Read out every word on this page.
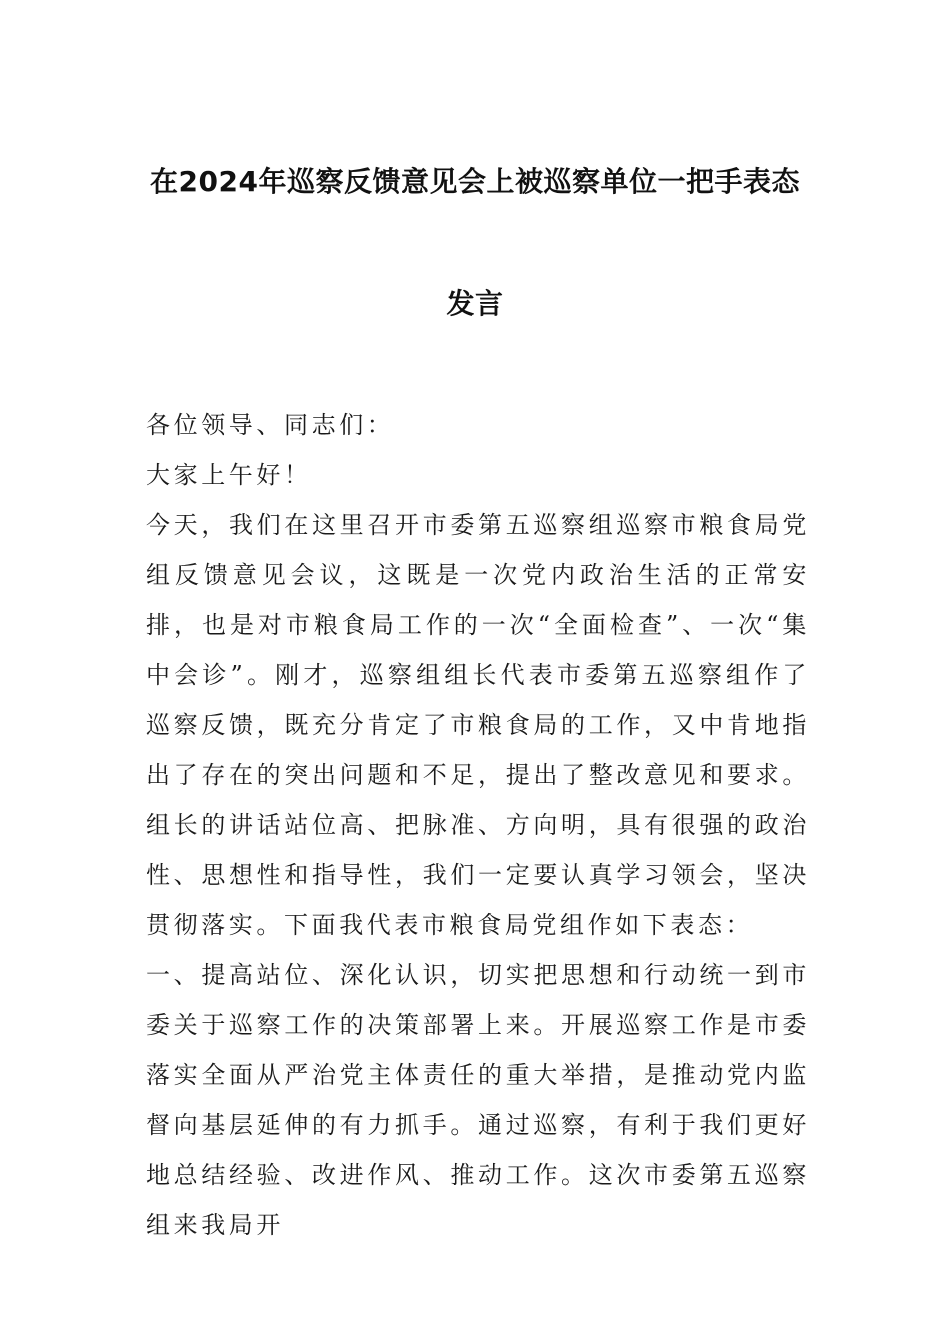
在2024年巡察反馈意见会上被巡察单位一把手表态
发言

各位领导、同志们：

大家上午好！

今天，我们在这里召开市委第五巡察组巡察市粮食局党组反馈意见会议，这既是一次党内政治生活的正常安排，也是对市粮食局工作的一次“全面检查”、一次“集中会诊”。刚才，巡察组组长代表市委第五巡察组作了巡察反馈，既充分肯定了市粮食局的工作，又中肯地指出了存在的突出问题和不足，提出了整改意见和要求。组长的讲话站位高、把脉准、方向明，具有很强的政治性、思想性和指导性，我们一定要认真学习领会，坚决贯彻落实。下面我代表市粮食局党组作如下表态：

一、提高站位、深化认识，切实把思想和行动统一到市委关于巡察工作的决策部署上来。开展巡察工作是市委落实全面从严治党主体责任的重大举措，是推动党内监督向基层延伸的有力抓手。通过巡察，有利于我们更好地总结经验、改进作风、推动工作。这次市委第五巡察组来我局开
